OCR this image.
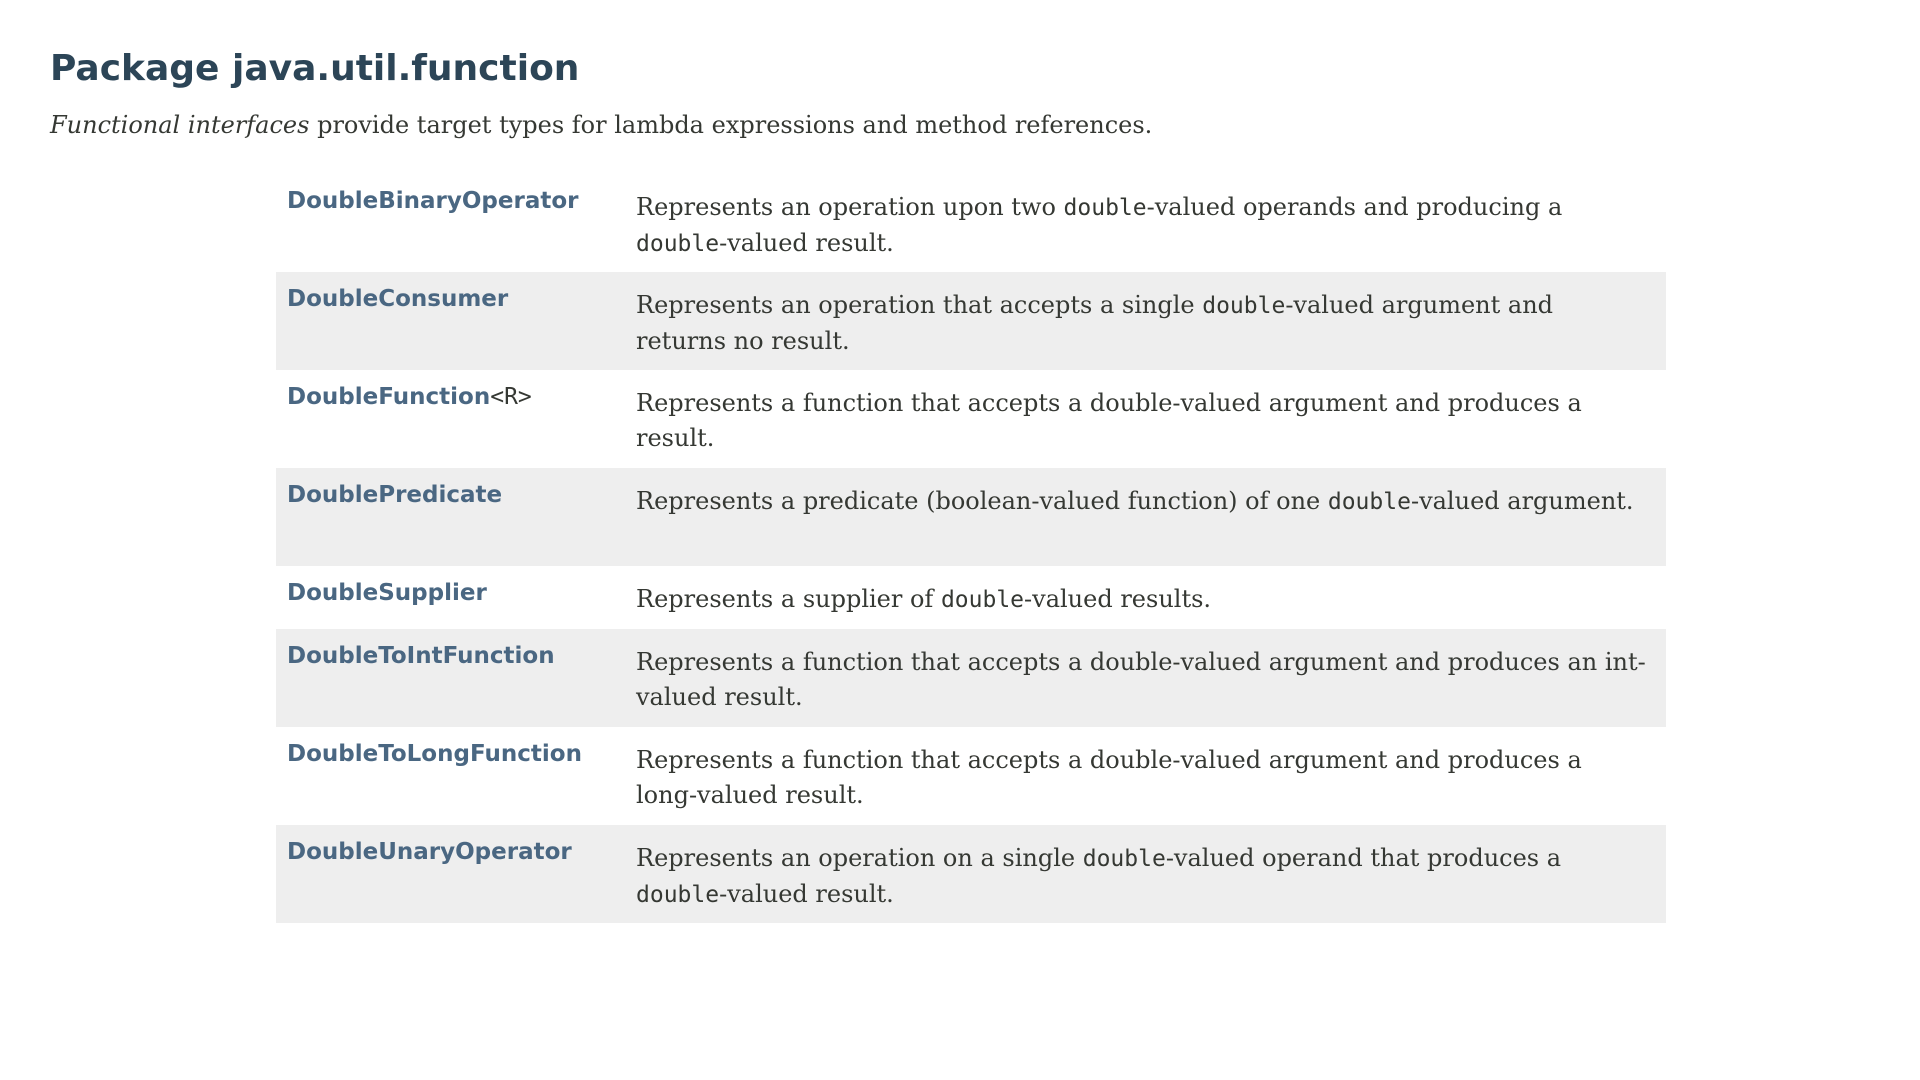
Package java.util.function

Functional interfaces provide target types for lambda expressions and method references.

DoubleBinaryOperator	Represents an operation upon two double-valued operands and producing a double-valued result.
DoubleConsumer	Represents an operation that accepts a single double-valued argument and returns no result.
DoubleFunction<R>	Represents a function that accepts a double-valued argument and produces a result.
DoublePredicate	Represents a predicate (boolean-valued function) of one double-valued argument.
DoubleSupplier	Represents a supplier of double-valued results.
DoubleToIntFunction	Represents a function that accepts a double-valued argument and produces an int-valued result.
DoubleToLongFunction	Represents a function that accepts a double-valued argument and produces a long-valued result.
DoubleUnaryOperator	Represents an operation on a single double-valued operand that produces a double-valued result.
